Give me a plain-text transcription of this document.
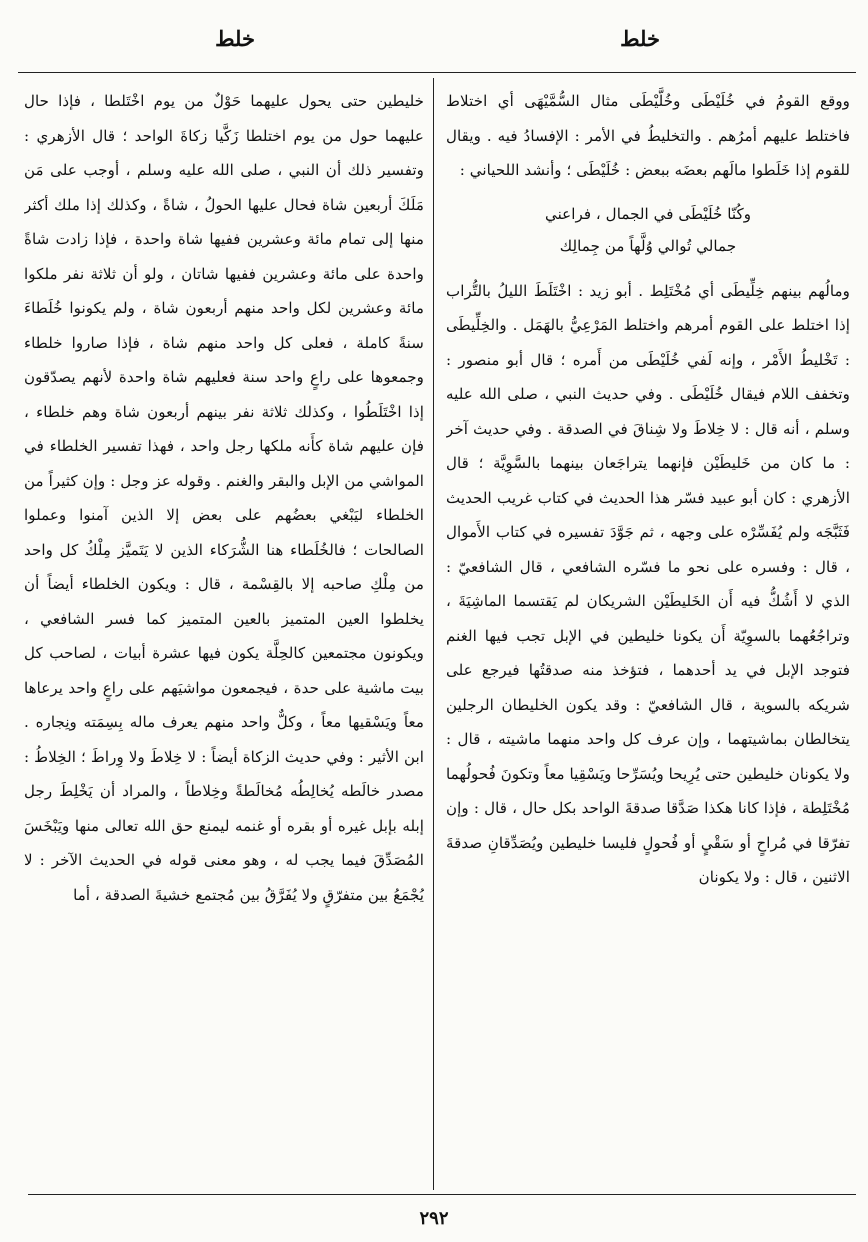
خلط
خلط

ووقع القومُ في خُلَيْطَى وخُلَّيْطَى مثال السُّمَّيْهَى أي اختلاط فاختلط عليهم أمرُهم . والتخليطُ في الأمر : الإفسادُ فيه . ويقال للقوم إذا خَلَطوا مالَهم بعضَه ببعض : خُلَيْطَى ؛ وأنشد اللحياني :

وكُنّا خُلَيْطَى في الجمال ، فراعني
جمالي تُوالي وُلَّهاً من جِمالِك

ومالُهم بينهم خِلِّيطَى أي مُخْتَلِط . أبو زيد : اخْتَلَطَ الليلُ بالتُّراب إذا اختلط على القوم أمرهم واختلط المَرْعِيُّ بالهَمَل . والخِلِّيطَى : تَخْليطُ الأَمْر ، وإنه لَفي خُلَيْطَى من أَمره ؛ قال أبو منصور : وتخفف اللام فيقال خُلَيْطَى . وفي حديث النبي ، صلى الله عليه وسلم ، أنه قال : لا خِلاطَ ولا شِناقَ في الصدقة . وفي حديث آخر : ما كان من خَليطَيْن فإنهما يتراجَعان بينهما بالسَّوِيَّة ؛ قال الأزهري : كان أبو عبيد فسّر هذا الحديث في كتاب غريب الحديث فَثَبَّجَه ولم يُفَسِّرْه على وجهه ، ثم جَوَّدَ تفسيره في كتاب الأَموال ، قال : وفسره على نحو ما فسّره الشافعي ، قال الشافعيّ : الذي لا أَشُكُّ فيه أَن الخَليطَيْن الشريكان لم يَقتسما الماشِيَةَ ، وتراجُعُهما بالسوِيّة أَن يكونا خليطين في الإبل تجب فيها الغنم فتوجد الإبل في يد أحدهما ، فتؤخذ منه صدقتُها فيرجع على شريكه بالسوية ، قال الشافعيّ : وقد يكون الخليطان الرجلين يتخالطان بماشيتهما ، وإن عرف كل واحد منهما ماشيته ، قال : ولا يكونان خليطين حتى يُرِيحا ويُسَرِّحا ويَسْقِيا معاً وتكونَ فُحولُهما مُخْتَلِطة ، فإذا كانا هكذا صَدَّقا صدقةَ الواحد بكل حال ، قال : وإن تفرّقا في مُراحٍ أو سَقْيٍ أو فُحولٍ فليسا خليطين ويُصَدِّقانِ صدقةَ الاثنين ، قال : ولا يكونان

خليطين حتى يحول عليهما حَوْلٌ من يوم اخْتَلطا ، فإذا حال عليهما حول من يوم اختلطا زَكَّيا زكاةَ الواحد ؛ قال الأزهري : وتفسير ذلك أن النبي ، صلى الله عليه وسلم ، أوجب على مَن مَلَكَ أربعين شاة فحال عليها الحولُ ، شاةً ، وكذلك إذا ملك أكثر منها إلى تمام مائة وعشرين ففيها شاة واحدة ، فإذا زادت شاةً واحدة على مائة وعشرين ففيها شاتان ، ولو أن ثلاثة نفر ملكوا مائة وعشرين لكل واحد منهم أربعون شاة ، ولم يكونوا خُلَطاءَ سنةً كاملة ، فعلى كل واحد منهم شاة ، فإذا صاروا خلطاء وجمعوها على راعٍ واحد سنة فعليهم شاة واحدة لأنهم يصدّقون إذا اخْتَلَطُوا ، وكذلك ثلاثة نفر بينهم أربعون شاة وهم خلطاء ، فإن عليهم شاة كأَنه ملكها رجل واحد ، فهذا تفسير الخلطاء في المواشي من الإبل والبقر والغنم . وقوله عز وجل : وإن كثيراً من الخلطاء ليَبْغي بعضُهم على بعض إلا الذين آمنوا وعملوا الصالحات ؛ فالخُلَطاء هنا الشُّرَكاء الذين لا يَتَميَّز مِلْكُ كل واحد من مِلْكِ صاحبه إلا بالقِسْمة ، قال : ويكون الخلطاء أيضاً أن يخلطوا العين المتميز بالعين المتميز كما فسر الشافعي ، ويكونون مجتمعين كالحِلَّة يكون فيها عشرة أبيات ، لصاحب كل بيت ماشية على حدة ، فيجمعون مواشيَهم على راعٍ واحد يرعاها معاً ويَسْقيها معاً ، وكلٌّ واحد منهم يعرف ماله بِسِمَته ونِجاره . ابن الأثير : وفي حديث الزكاة أيضاً : لا خِلاطَ ولا وِراطَ ؛ الخِلاطُ : مصدر خالَطه يُخالِطُه مُخالَطةً وخِلاطاً ، والمراد أن يَخْلِطَ رجل إبله بإبل غيره أو بقره أو غنمه ليمنع حق الله تعالى منها ويَبْخَسَ المُصَدِّقَ فيما يجب له ، وهو معنى قوله في الحديث الآخر : لا يُجْمَعُ بين متفرّقٍ ولا يُفَرَّقُ بين مُجتمع خشيةَ الصدقة ، أما

٢٩٢
